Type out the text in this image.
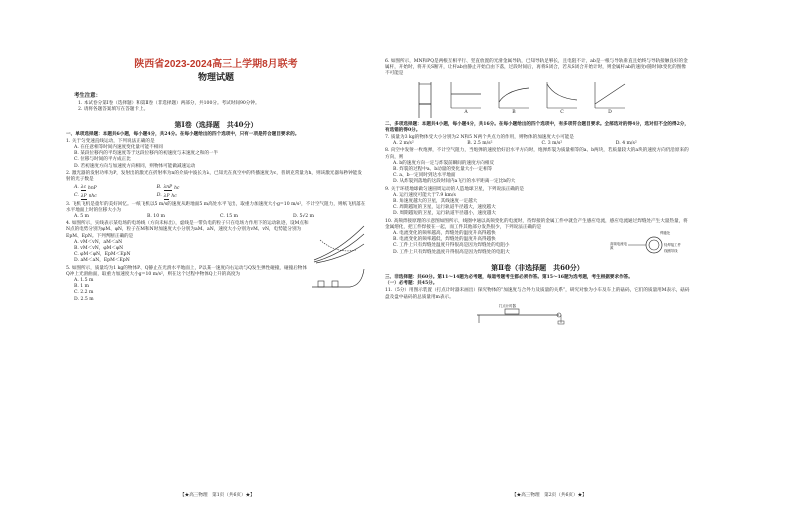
陕西省2023-2024高三上学期8月联考
物理试题
考生注意：

1. 本试卷分第Ⅰ卷（选择题）和第Ⅱ卷（非选择题）两部分，共100分。考试时间90分钟。

2. 请将各题答案填写在答题卡上。

第Ⅰ卷（选择题　共40分）

一、单项选择题：本题共6小题，每小题4分，共24分。在每小题给出的四个选项中，只有一项是符合题目要求的。

1. 关于匀变速直线运动，下列说法正确的是

A. 在任意相等时间内速度变化量可能不相同

B. 某段位移内的平均速度等于这段位移内的初速度与末速度之和的一半

C. 位移与时间的平方成正比

D. 若初速度方向与加速度方向相同，则物体可能做减速运动

2. 激光器的发射功率为P，发射出的激光在折射率为n的介质中波长为λ，已知光在真空中的传播速度为c，普朗克常量为h，则该激光器每秒钟能发射的光子数是

A. λc hnP	B. λnP hc
C. λP nhc	D. λP hc

3. 飞机飞机是童年的美好回忆。一纸飞机以5 m/s的速度从距地面5 m高处水平飞出，取重力加速度大小g=10 m/s²，不计空气阻力，则纸飞机落在水平地面上时的位移大小为

A. 5 m	B. 10 m	C. 15 m	D. 5√2 m

4. 如图所示，实线表示某电场的电场线（方向未标出），虚线是一带负电的粒子只在电场力作用下的运动轨迹，设M点和N点的电势分别为φM、φN，粒子在M和N时加速度大小分别为aM、aN，速度大小分别为vM、vN，电势能分别为EpM、EpN。下列判断正确的是

A. vM＜vN，aM＜aN

B. vM＜vN，φM＜φN

C. φM＜φN，EpM＜EpN

D. aM＜aN，EpM＜EpN

5. 如图所示，质量均为1 kg的物体P、Q静止在光滑水平地面上，P以某一速度向右运动与Q发生弹性碰撞，碰撞后物体Q冲上光滑曲面，取重力加速度大小g=10 m/s²，则在这个过程中物体Q上升的高度为

A. 1.5 m

B. 1 m

C. 2.2 m

D. 2.5 m

6. 如图所示，MN和PQ是两根互相平行、竖直放置的光滑金属导轨，已知导轨足够长，且电阻不计，ab是一根与导轨垂直且始终与导轨接触良好的金属杆，开始时，将开关S断开，让杆ab由静止开始自由下落，过段时间后，再将S闭合，若从S闭合开始计时，则金属杆ab的速度v随时间t变化的图像不可能是

A	B	C	D

二、多项选择题：本题共4小题，每小题4分，共16分。在每小题给出的四个选项中，有多项符合题目要求。全部选对的得4分，选对但不全的得2分，有选错的得0分。

7. 质量为3 kg的物体受大小分别为2 N和5 N两个共点力的作用，则物体的加速度大小可能是

A. 2 m/s²	B. 2.5 m/s²	C. 3 m/s²	D. 4 m/s²

8. 向空中发射一枚炮弹，不计空气阻力，当炮弹的速度恰好沿水平方向时，炮弹炸裂为质量相等的a、b两块，若质量较大的a块的速度方向仍沿原来的方向，则

A. b的速度方向一定与炸裂前瞬间的速度方向相反

B. 炸裂的过程中a、b动量的变化量大小一定相等

C. a、b一定同时到达水平地面

D. 从炸裂到落地的这段时间内a飞行的水平距离一定比b的大

9. 关于环绕地球做匀速圆周运动的人造地球卫星，下列说法正确的是

A. 运行速度可能大于7.9 km/s

B. 角速度越大的卫星，其线速度一定越大

C. 周期越短的卫星，运行轨道半径越大，速度越大

D. 周期越短的卫星，运行轨道半径越小，速度越大

10. 高频焊接原理的示意图如图所示，线圈中通以高频变化的电流时，待焊接的金属工件中就会产生感应电流，感应电流通过焊缝处产生大量热量，将金属熔化，把工件焊接在一起，而工件其他部分发热很少，下列说法正确的是

A. 电流变化的频率越高，焊缝处的温度升高得越快

B. 电流变化的频率越低，焊缝处的温度升高得越快

C. 工件上只有焊缝处温度升得很高是因为焊缝处的电阻小

D. 工件上只有焊缝处温度升得很高是因为焊缝处的电阻大

焊缝处
高频电流电源
待焊接工件
线圈导线
第Ⅱ卷（非选择题　共60分）

三、非选择题：共60分。第11～14题为必考题，每道考题考生都必须作答。第15～16题为选考题，考生根据要求作答。

（一）必考题：共45分。

11.（5分）用图示装置（打点计时器未画出）探究物体的“加速度与合外力及质量的关系”，研究对象为小车及车上的砝码，它们的质量用M表示，砝码盘及盘中砝码的总质量用m表示。

打点计时器
【★高三物理　第1页（共6页）★】	【★高三物理　第2页（共6页）★】
